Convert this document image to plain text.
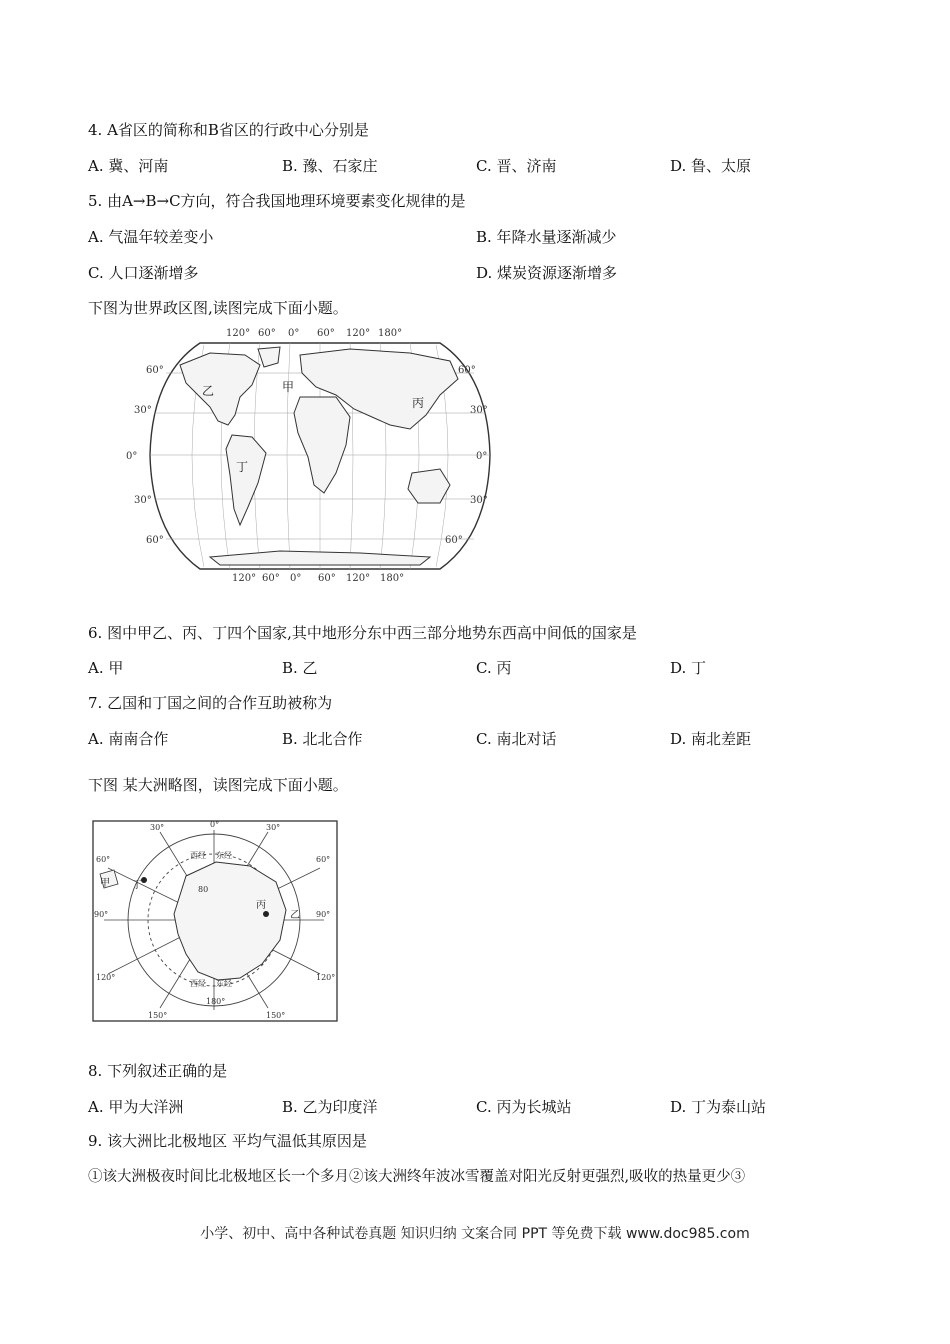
4. A省区的简称和B省区的行政中心分别是
A. 冀、河南	B. 豫、石家庄	C. 晋、济南	D. 鲁、太原
5. 由A→B→C方向，符合我国地理环境要素变化规律的是
A. 气温年较差变小	B. 年降水量逐渐减少
C. 人口逐渐增多	D. 煤炭资源逐渐增多
下图为世界政区图,读图完成下面小题。
120° 60° 0° 60° 120° 180°
120° 60° 0° 60° 120° 180°
60°
30°
0°
30°
60°
60°
30°
0°
30°
60°
甲
乙
丙
丁
6. 图中甲乙、丙、丁四个国家,其中地形分东中西三部分地势东西高中间低的国家是
A. 甲	B. 乙	C. 丙	D. 丁
7. 乙国和丁国之间的合作互助被称为
A. 南南合作	B. 北北合作	C. 南北对话	D. 南北差距
下图 某大洲略图，读图完成下面小题。
0°
30°
60°
90°
120°
150°
180°
150°
120°
90°
60°
30°
80
西经 东经
西经 东经
甲
乙
丙
丁
8. 下列叙述正确的是
A. 甲为大洋洲	B. 乙为印度洋	C. 丙为长城站	D. 丁为泰山站
9. 该大洲比北极地区 平均气温低其原因是
①该大洲极夜时间比北极地区长一个多月②该大洲终年波冰雪覆盖对阳光反射更强烈,吸收的热量更少③
小学、初中、高中各种试卷真题 知识归纳 文案合同 PPT 等免费下载 www.doc985.com
